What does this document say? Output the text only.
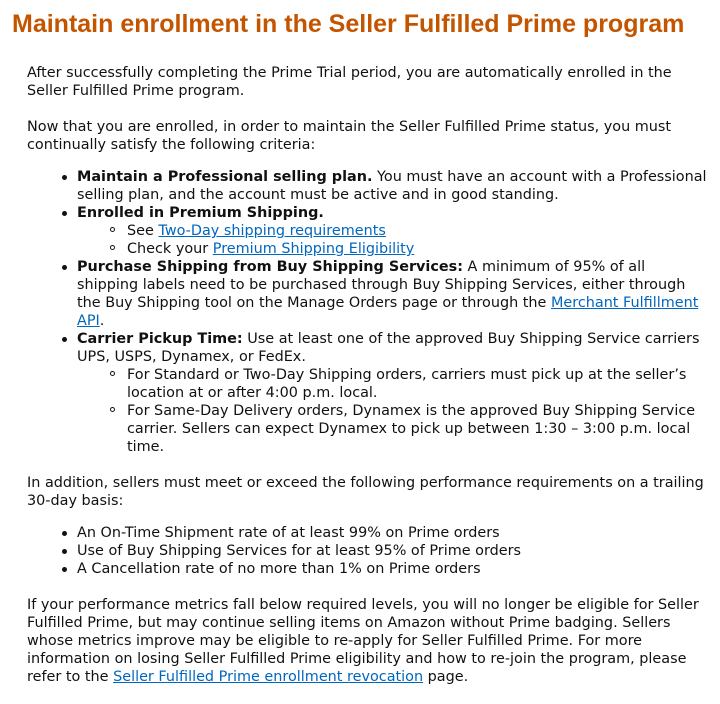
Maintain enrollment in the Seller Fulfilled Prime program

After successfully completing the Prime Trial period, you are automatically enrolled in the Seller Fulfilled Prime program.

Now that you are enrolled, in order to maintain the Seller Fulfilled Prime status, you must continually satisfy the following criteria:

Maintain a Professional selling plan. You must have an account with a Professional selling plan, and the account must be active and in good standing.
Enrolled in Premium Shipping.
See Two-Day shipping requirements
Check your Premium Shipping Eligibility
Purchase Shipping from Buy Shipping Services: A minimum of 95% of all shipping labels need to be purchased through Buy Shipping Services, either through the Buy Shipping tool on the Manage Orders page or through the Merchant Fulfillment API.
Carrier Pickup Time: Use at least one of the approved Buy Shipping Service carriers UPS, USPS, Dynamex, or FedEx.
For Standard or Two-Day Shipping orders, carriers must pick up at the seller’s location at or after 4:00 p.m. local.
For Same-Day Delivery orders, Dynamex is the approved Buy Shipping Service carrier. Sellers can expect Dynamex to pick up between 1:30 – 3:00 p.m. local time.

In addition, sellers must meet or exceed the following performance requirements on a trailing 30-day basis:

An On-Time Shipment rate of at least 99% on Prime orders
Use of Buy Shipping Services for at least 95% of Prime orders
A Cancellation rate of no more than 1% on Prime orders

If your performance metrics fall below required levels, you will no longer be eligible for Seller Fulfilled Prime, but may continue selling items on Amazon without Prime badging. Sellers whose metrics improve may be eligible to re-apply for Seller Fulfilled Prime. For more information on losing Seller Fulfilled Prime eligibility and how to re-join the program, please refer to the Seller Fulfilled Prime enrollment revocation page.
